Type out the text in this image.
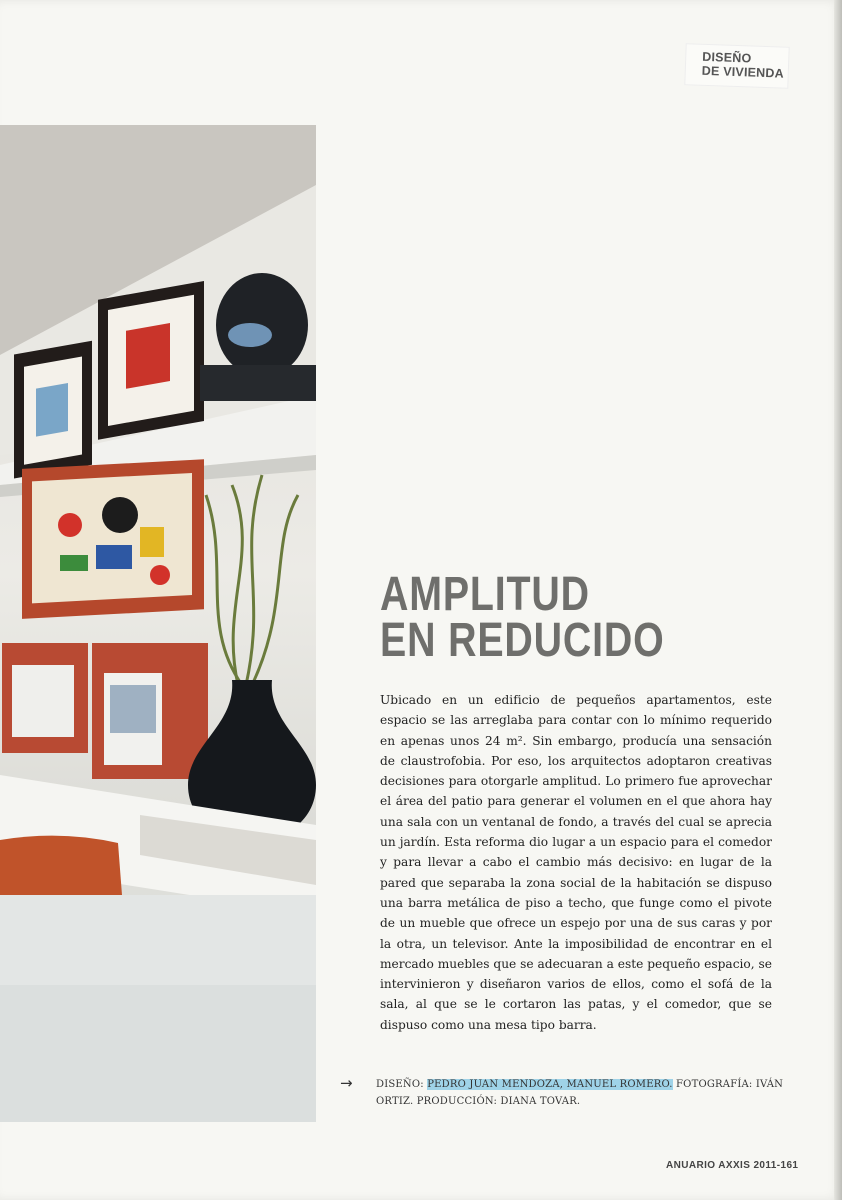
DISEÑO
DE VIVIENDA
AMPLITUD
EN REDUCIDO

Ubicado en un edificio de pequeños apartamentos, este espacio se las arreglaba para contar con lo mínimo requerido en apenas unos 24 m². Sin embargo, producía una sensación de claustrofobia. Por eso, los arquitectos adoptaron creativas decisiones para otorgarle amplitud. Lo primero fue aprovechar el área del patio para generar el volumen en el que ahora hay una sala con un ventanal de fondo, a través del cual se aprecia un jardín. Esta reforma dio lugar a un espacio para el comedor y para llevar a cabo el cambio más decisivo: en lugar de la pared que separaba la zona social de la habitación se dispuso una barra metálica de piso a techo, que funge como el pivote de un mueble que ofrece un espejo por una de sus caras y por la otra, un televisor. Ante la imposibilidad de encontrar en el mercado muebles que se adecuaran a este pequeño espacio, se intervinieron y diseñaron varios de ellos, como el sofá de la sala, al que se le cortaron las patas, y el comedor, que se dispuso como una mesa tipo barra.

→ DISEÑO: PEDRO JUAN MENDOZA, MANUEL ROMERO. FOTOGRAFÍA: IVÁN ORTIZ. PRODUCCIÓN: DIANA TOVAR.
ANUARIO AXXIS 2011-161
